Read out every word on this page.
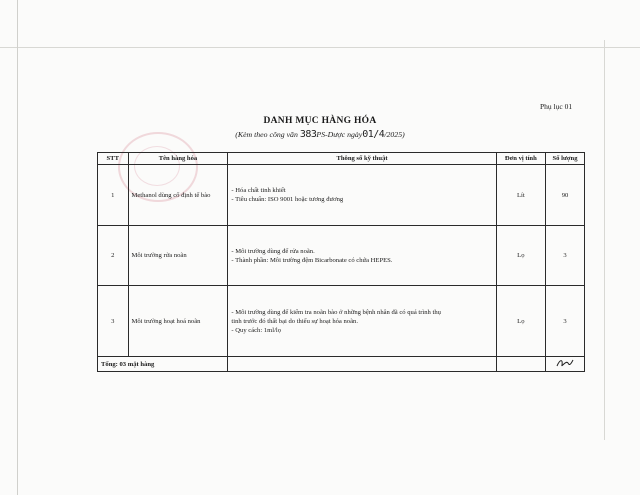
Phụ lục 01
DANH MỤC HÀNG HÓA
(Kèm theo công văn 383PS-Dược ngày01/4/2025)
STT	Tên hàng hóa	Thông số kỹ thuật	Đơn vị tính	Số lượng
1	Methanol dùng cố định tế bào	- Hóa chất tinh khiết
- Tiêu chuẩn: ISO 9001 hoặc tương đương	Lít	90
2	Môi trường rửa noãn	- Môi trường dùng để rửa noãn.
- Thành phần: Môi trường đệm Bicarbonate có chứa HEPES.	Lọ	3
3	Môi trường hoạt hoá noãn	- Môi trường dùng để kiểm tra noãn bào ở những bệnh nhân đã có quá trình thụ
tinh trước đó thất bại do thiếu sự hoạt hóa noãn.
- Quy cách: 1ml/lọ	Lọ	3
Tổng: 03 mặt hàng			
